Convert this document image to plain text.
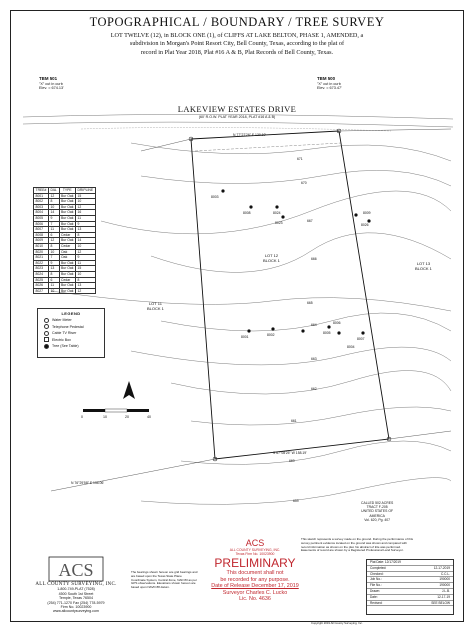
TOPOGRAPHICAL / BOUNDARY / TREE SURVEY
LOT TWELVE (12), in BLOCK ONE (1), of CLIFFS AT LAKE BELTON, PHASE 1, AMENDED, a
subdivision in Morgan's Point Resort City, Bell County, Texas, according to the plat of
record in Plat Year 2018, Plat #16 A & B, Plat Records of Bell County, Texas.
LAKEVIEW ESTATES DRIVE
(60' R.O.W. PLAT YEAR 2018, PLAT #16 A & B)
TBM 501
"X" cut in curb
Elev. = 674.13'
TBM 500
"X" cut in curb
Elev. = 673.47'
N 77°27'26" E 130.10'
S 67°08'25" W 158.19'
N 76°29'58" E 156.06'
LOT 12
BLOCK 1
LOT 11
BLOCK 1
LOT 13
BLOCK 1
CALLED 502 ACRES
TRACT F-205
UNITED STATES OF
AMERICA
Vol. 620, Pg. 407
671
670
667
666
665
664
663
662
661
660
659
8003
8008	8024
8023	8026
8009
8001	8002
8004
8007
8005
8006
TREE#	DIA.	TYPE	DRIPLINE
8001	12	Bur Oak	15
8002	8	Bur Oak	10
8003	10	Bur Oak	12
8004	14	Bur Oak	16
8005	9	Bur Oak	11
8006	7	Bur Oak	9
8007	11	Bur Oak	13
8008	6	Cedar	8
8009	12	Bur Oak	14
8010	8	Cedar	10
8020	10	Oak	12
8021	7	Oak	9
8022	9	Bur Oak	11
8023	13	Bur Oak	15
8024	8	Bur Oak	10
8025	6	Cedar	8
8026	11	Bur Oak	13
8027	10	Bur Oak	12
LEGEND
Water Meter
Telephone Pedestal
Cable TV Riser
Electric Box
Tree (See Table)
0	10	20	40
ACS
ALL COUNTY SURVEYING, INC.
1-800-749-PLAT (7528)
4500 South 1st Street
Temple, Texas 76504
(254) 771-1270 Fax (254) 778-5979
Firm No. 10023900
www.allcountysurveying.com
The bearings shown hereon are grid bearings and
are based upon the Texas State Plane
Coordinate System, Central Zone, NAD 83 as per
GPS observations. Elevations shown hereon are
based upon NAVD 88 datum.
ACS
ALL COUNTY SURVEYING, INC.
Texas Firm No. 10023900
PRELIMINARY
This document shall not
be recorded for any purpose.
Date of Release December 17, 2019
Surveyor Charles C. Lucko
Lic. No. 4636
This sketch represents a survey made on the ground. During the performance of this
survey pertinent evidence located on the ground was shown and compared with
record information as shown on the plat. No abstract of title was performed.
Easements of record are shown by a Registered Professional Land Surveyor.
Plat Date: 12/17/2019
Completed:	12-17-2019
Checked:	C.C.L.
Job No.:	190000
File No.:	190000
Drawn:	J.L.B.
Date:	12-17-19
Revised:	SEE BELOW
Copyright 2019 All County Surveying, Inc.
